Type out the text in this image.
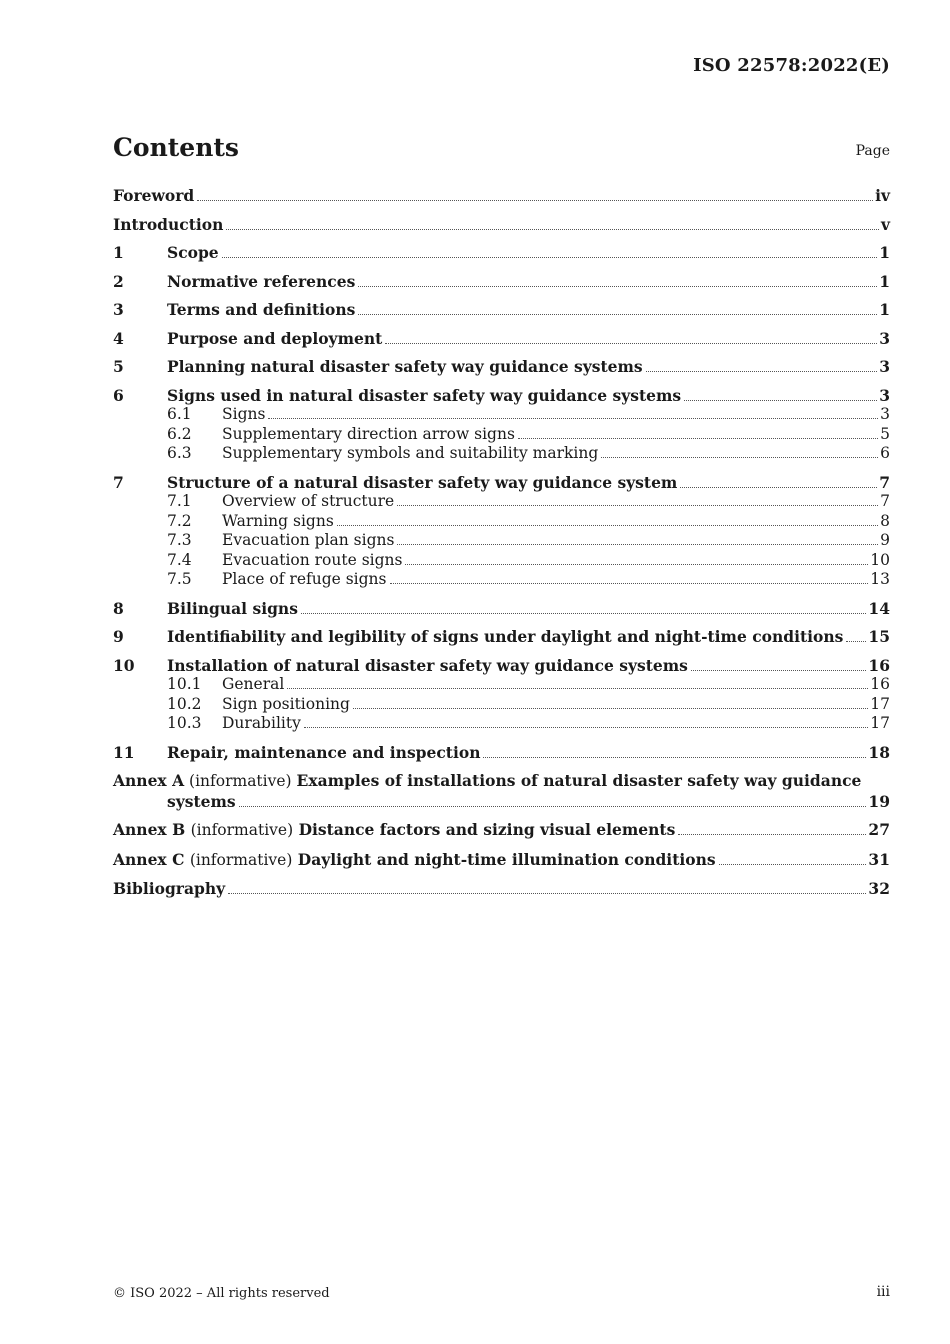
ISO 22578:2022(E)
Contents	Page
Foreword	iv
Introduction	v
1	Scope	1
2	Normative references	1
3	Terms and definitions	1
4	Purpose and deployment	3
5	Planning natural disaster safety way guidance systems	3
6	Signs used in natural disaster safety way guidance systems	3
6.1	Signs	3
6.2	Supplementary direction arrow signs	5
6.3	Supplementary symbols and suitability marking	6
7	Structure of a natural disaster safety way guidance system	7
7.1	Overview of structure	7
7.2	Warning signs	8
7.3	Evacuation plan signs	9
7.4	Evacuation route signs	10
7.5	Place of refuge signs	13
8	Bilingual signs	14
9	Identifiability and legibility of signs under daylight and night-time conditions 15
10	Installation of natural disaster safety way guidance systems	16
10.1	General	16
10.2	Sign positioning	17
10.3	Durability	17
11	Repair, maintenance and inspection	18
Annex A (informative) Examples of installations of natural disaster safety way guidance
systems	19
Annex B (informative) Distance factors and sizing visual elements	27
Annex C (informative) Daylight and night-time illumination conditions	31
Bibliography	32
© ISO 2022 – All rights reserved	iii
